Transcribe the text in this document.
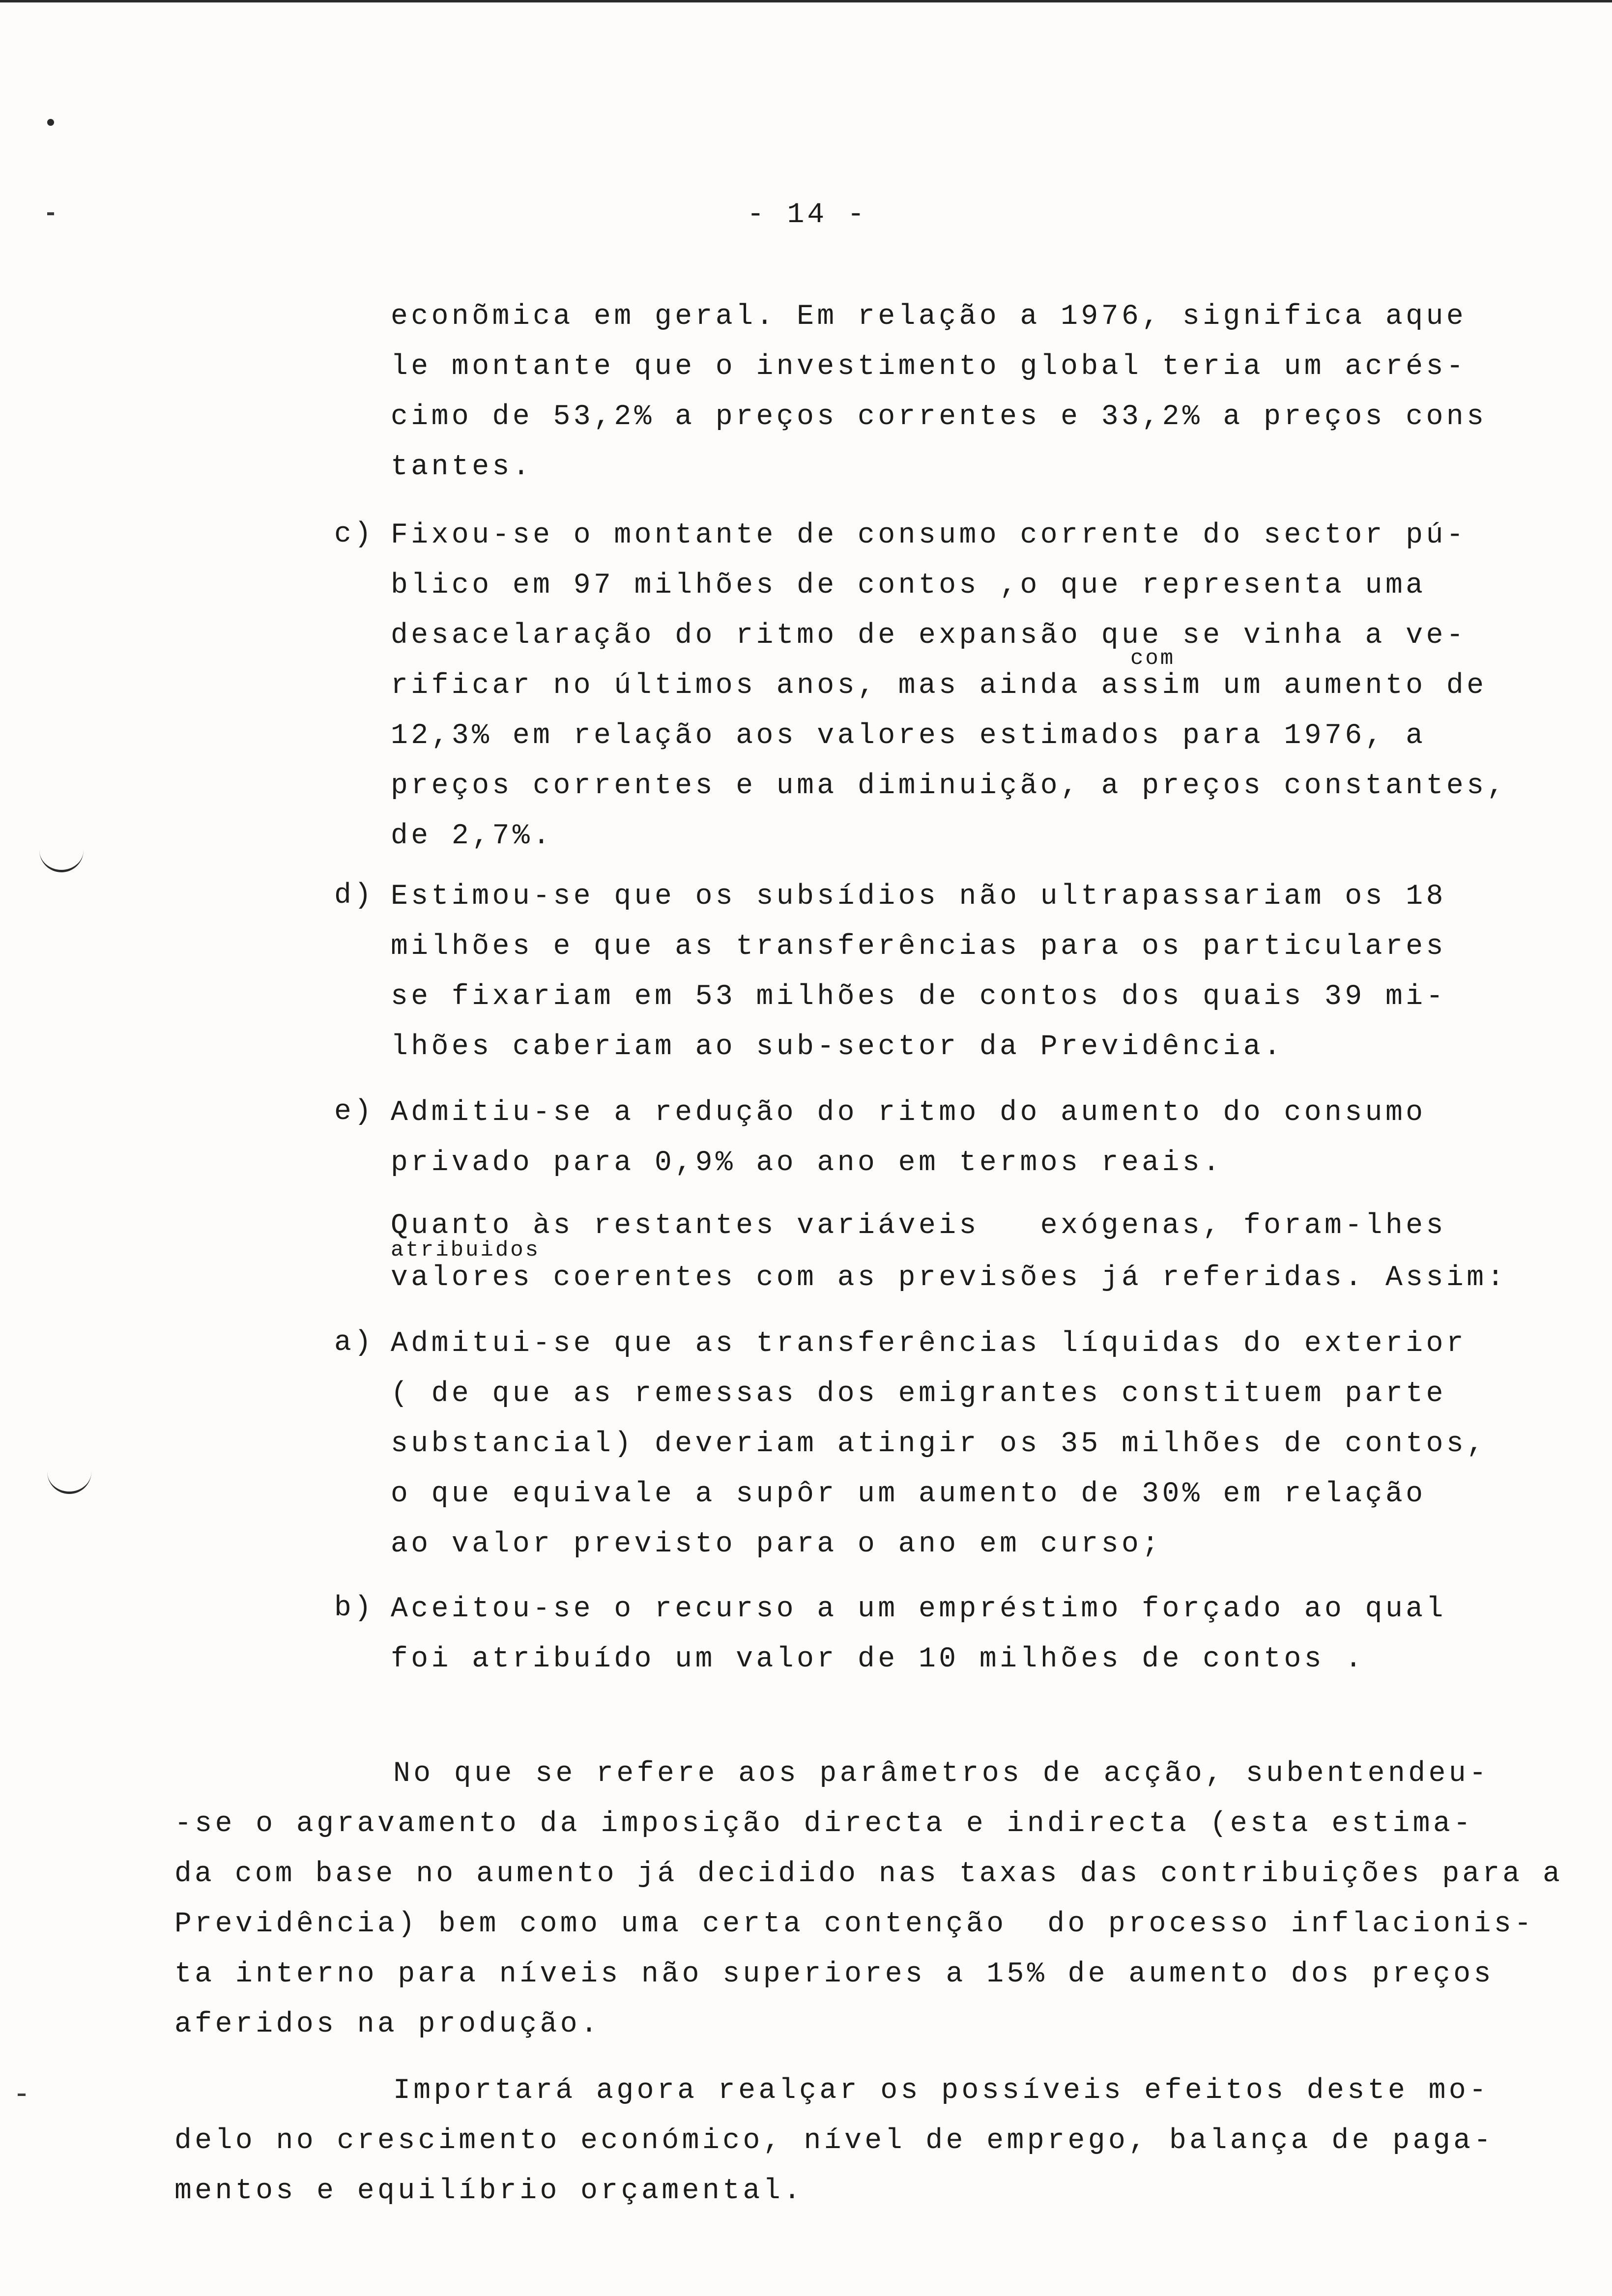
- 14 -
econõmica em geral. Em relação a 1976, significa aque
le montante que o investimento global teria um acrés-
cimo de 53,2% a preços correntes e 33,2% a preços cons
tantes.
c) Fixou-se o montante de consumo corrente do sector pú-
blico em 97 milhões de contos ,o que representa uma
desacelaração do ritmo de expansão que se vinha a ve-
com
rificar no últimos anos, mas ainda assim um aumento de
12,3% em relação aos valores estimados para 1976, a
preços correntes e uma diminuição, a preços constantes,
de 2,7%.
d) Estimou-se que os subsídios não ultrapassariam os 18
milhões e que as transferências para os particulares
se fixariam em 53 milhões de contos dos quais 39 mi-
lhões caberiam ao sub-sector da Previdência.
e) Admitiu-se a redução do ritmo do aumento do consumo
privado para 0,9% ao ano em termos reais.
Quanto às restantes variáveis   exógenas, foram-lhes
atribuidos
valores coerentes com as previsões já referidas. Assim:
a) Admitui-se que as transferências líquidas do exterior
( de que as remessas dos emigrantes constituem parte
substancial) deveriam atingir os 35 milhões de contos,
o que equivale a supôr um aumento de 30% em relação
ao valor previsto para o ano em curso;
b) Aceitou-se o recurso a um empréstimo forçado ao qual
foi atribuído um valor de 10 milhões de contos .
No que se refere aos parâmetros de acção, subentendeu-
-se o agravamento da imposição directa e indirecta (esta estima-
da com base no aumento já decidido nas taxas das contribuições para a
Previdência) bem como uma certa contenção  do processo inflacionis-
ta interno para níveis não superiores a 15% de aumento dos preços
aferidos na produção.
Importará agora realçar os possíveis efeitos deste mo-
delo no crescimento económico, nível de emprego, balança de paga-
mentos e equilíbrio orçamental.
